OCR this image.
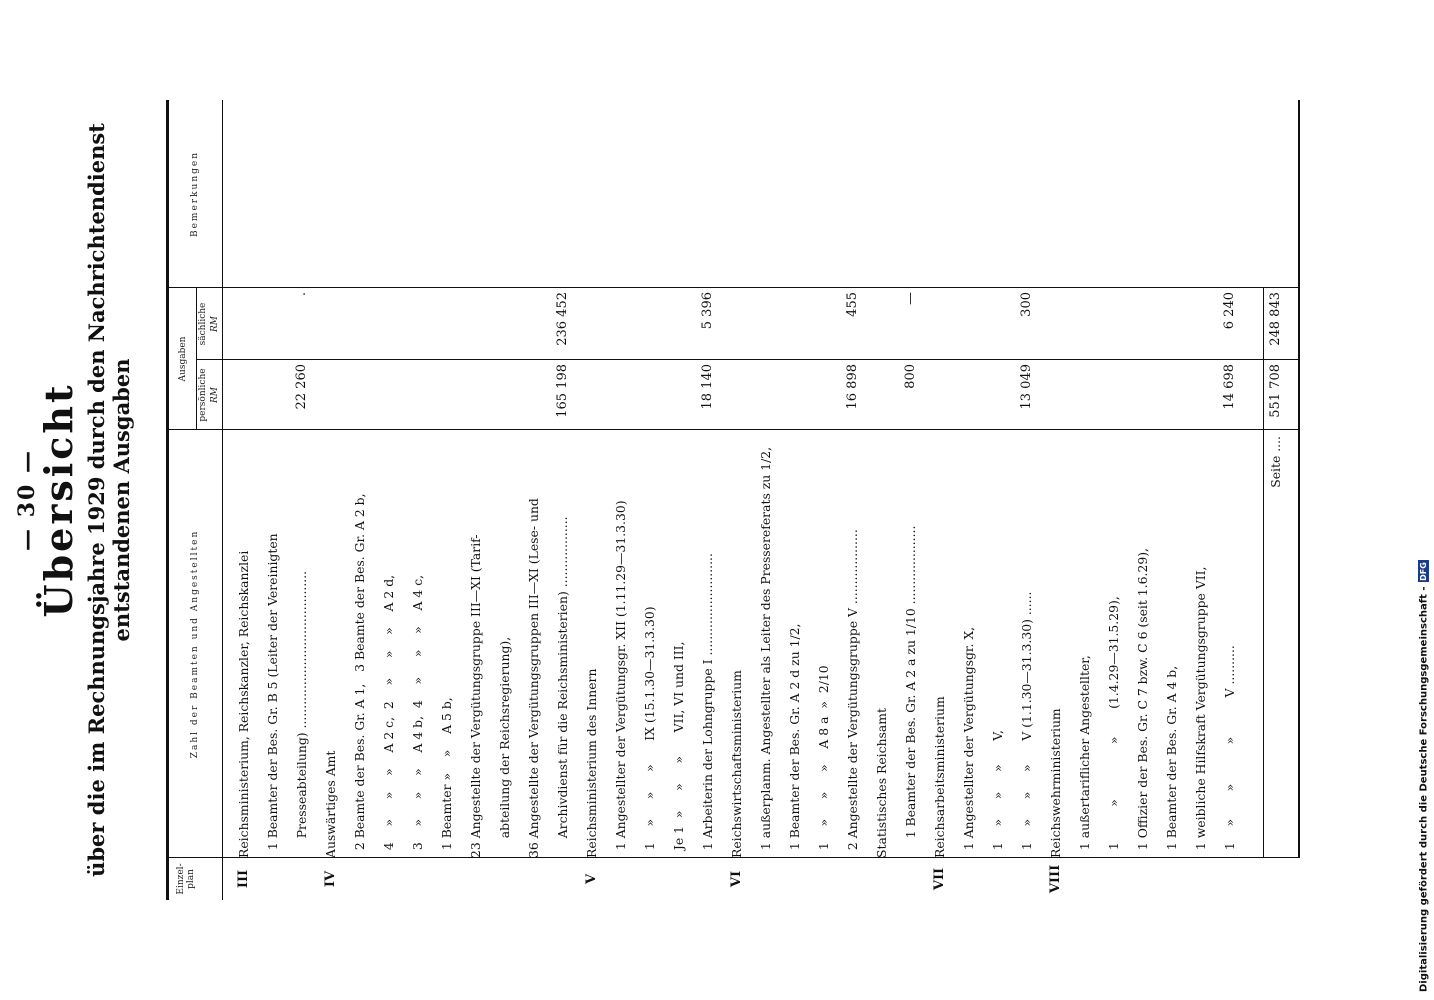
— 30 —
Übersicht über die im Rechnungsjahre 1929 durch den Nachrichtendienst entstandenen Ausgaben
Einzel-
plan
Zahl der Beamten und Angestellten
Ausgaben
persönliche
sächliche
RM
RM
Bemerkungen
III
Reichsministerium, Reichskanzler, Reichskanzlei 1 Beamter der Bes. Gr. B 5 (Leiter der Vereinigten Presseabteilung) ........................................
22 260
.
IV
Auswärtiges Amt 2 Beamte der Bes. Gr. A 1,   3 Beamte der Bes. Gr. A 2 b, 4    »     »    »    A 2 c,  2    »     »    »    A 2 d, 3    »     »    »    A 4 b,  4    »     »    »    A 4 c, 1 Beamter »    »    A 5 b, 23 Angestellte der Vergütungsgruppe III—XI (Tarif- abteilung der Reichsregierung), 36 Angestellte der Vergütungsgruppen III—XI (Lese- und Archivdienst für die Reichsministerien) ..................
165 198
236 452
V
Reichsministerium des Innern 1 Angestellter der Vergütungsgr. XII (1.11.29—31.3.30) 1    »     »     »      IX (15.1.30—31.3.30) Je 1  »     »     »      VII, VI und III, 1 Arbeiterin der Lohngruppe I ..........................
18 140
5 396
VI
Reichswirtschaftsministerium 1 außerplanm. Angestellter als Leiter des Pressereferats zu 1/2, 1 Beamter der Bes. Gr. A 2 d zu 1/2, 1    »     »     »    A 8 a  »  2/10 2 Angestellte der Vergütungsgruppe V ...................
16 898
455
Statistisches Reichsamt 1 Beamter der Bes. Gr. A 2 a zu 1/10 ....................
800
—
VII
Reichsarbeitsministerium 1 Angestellter der Vergütungsgr. X, 1    »     »     »      V, 1    »     »     »      V (1.1.30—31.3.30) ......
13 049
300
VIII
Reichswehrministerium 1 außertariflicher Angestellter, 1         »              »       (1.4.29—31.5.29), 1 Offizier der Bes. Gr. C 7 bzw. C 6 (seit 1.6.29), 1 Beamter der Bes. Gr. A 4 b, 1 weibliche Hilfskraft Vergütungsgruppe VII, 1    »       »          »          V ..........
14 698
6 240
Seite ....
551 708
248 843
Digitalisierung gefördert durch die Deutsche Forschungsgemeinschaft -DFG
